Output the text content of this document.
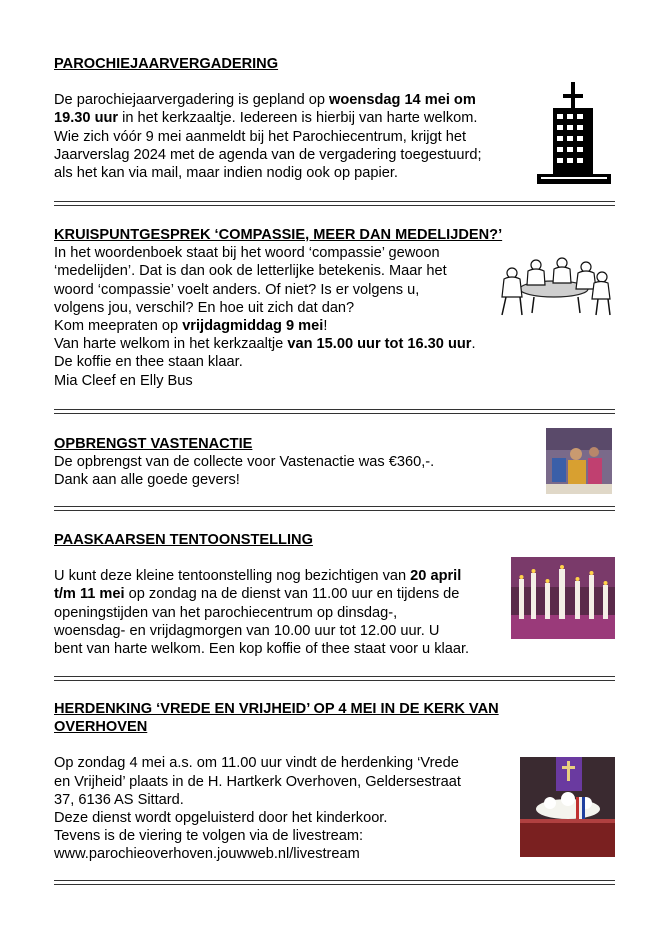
PAROCHIEJAARVERGADERING

De parochiejaarvergadering is gepland op woensdag 14 mei om
19.30 uur in het kerkzaaltje. Iedereen is hierbij van harte welkom.
Wie zich vóór 9 mei aanmeldt bij het Parochiecentrum, krijgt het
Jaarverslag 2024 met de agenda van de vergadering toegestuurd;
als het kan via mail, maar indien nodig ook op papier.

KRUISPUNTGESPREK ‘COMPASSIE, MEER DAN MEDELIJDEN?’

In het woordenboek staat bij het woord ‘compassie’ gewoon
‘medelijden’. Dat is dan ook de letterlijke betekenis. Maar het
woord ‘compassie’ voelt anders. Of niet? Is er volgens u,
volgens jou, verschil? En hoe uit zich dat dan?
Kom meepraten op vrijdagmiddag 9 mei!
Van harte welkom in het kerkzaaltje van 15.00 uur tot 16.30 uur.
De koffie en thee staan klaar.
Mia Cleef en Elly Bus

OPBRENGST VASTENACTIE

De opbrengst van de collecte voor Vastenactie was €360,-.
Dank aan alle goede gevers!

PAASKAARSEN TENTOONSTELLING

U kunt deze kleine tentoonstelling nog bezichtigen van 20 april
t/m 11 mei op zondag na de dienst van 11.00 uur en tijdens de
openingstijden van het parochiecentrum op dinsdag-,
woensdag- en vrijdagmorgen van 10.00 uur tot 12.00 uur. U
bent van harte welkom. Een kop koffie of thee staat voor u klaar.

HERDENKING ‘VREDE EN VRIJHEID’ OP 4 MEI IN DE KERK VAN

OVERHOVEN

Op zondag 4 mei a.s. om 11.00 uur vindt de herdenking ‘Vrede
en Vrijheid’ plaats in de H. Hartkerk Overhoven, Geldersestraat
37, 6136 AS Sittard.
Deze dienst wordt opgeluisterd door het kinderkoor.
Tevens is de viering te volgen via de livestream:
www.parochieoverhoven.jouwweb.nl/livestream
